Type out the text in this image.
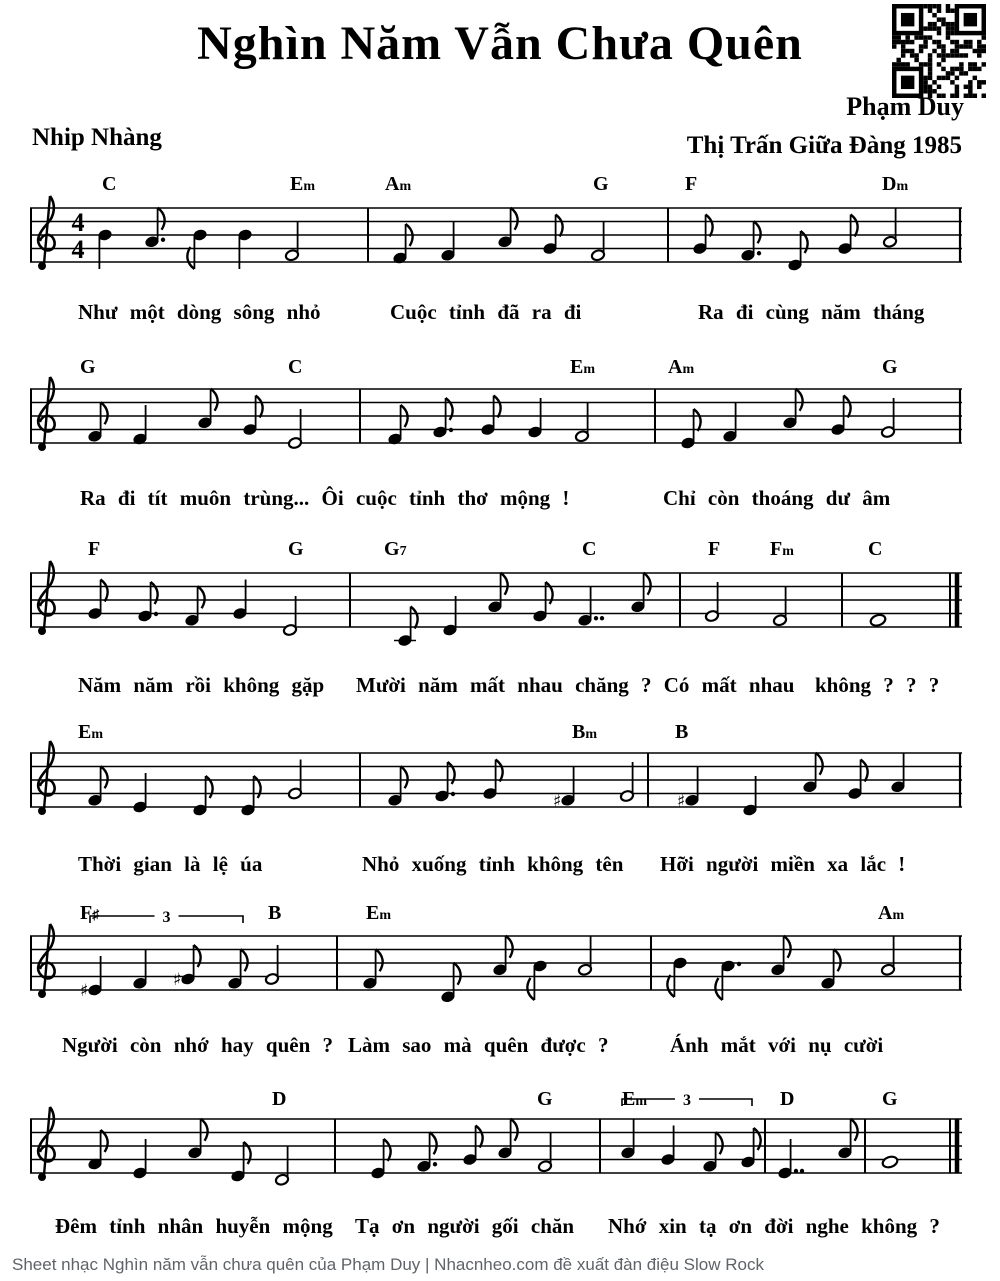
Nghìn Năm Vẫn Chưa Quên
Phạm Duy
Nhip Nhàng	Thị Trấn Giữa Đàng 1985
4
4
♯	♯
3
♯
♯
3
C	Em	Am	G	F	Dm
G	C	Em	Am	G
F	G	G7	C	F Fm	C
Em	Bm	B
F♯	B	Em	Am
D	G	Em	D	G
Như một dòng sông nhỏ	Cuộc tỉnh đã ra đi	Ra đi cùng năm tháng
Ra đi tít muôn trùng... Ôi cuộc tỉnh thơ mộng !	Chỉ còn thoáng dư âm
Năm năm rồi không gặp Mười năm mất nhau chăng ? Có mất nhau không ? ? ?
Thời gian là lệ úa	Nhỏ xuống tỉnh không tên Hỡi người miền xa lắc !
Người còn nhớ hay quên ? Làm sao mà quên được ?	Ánh mắt với nụ cười
Đêm tỉnh nhân huyễn mộng Tạ ơn người gối chăn Nhớ xin tạ ơn đời nghe không ?
Sheet nhạc Nghìn năm vẫn chưa quên của Phạm Duy | Nhacnheo.com đề xuất đàn điệu Slow Rock
